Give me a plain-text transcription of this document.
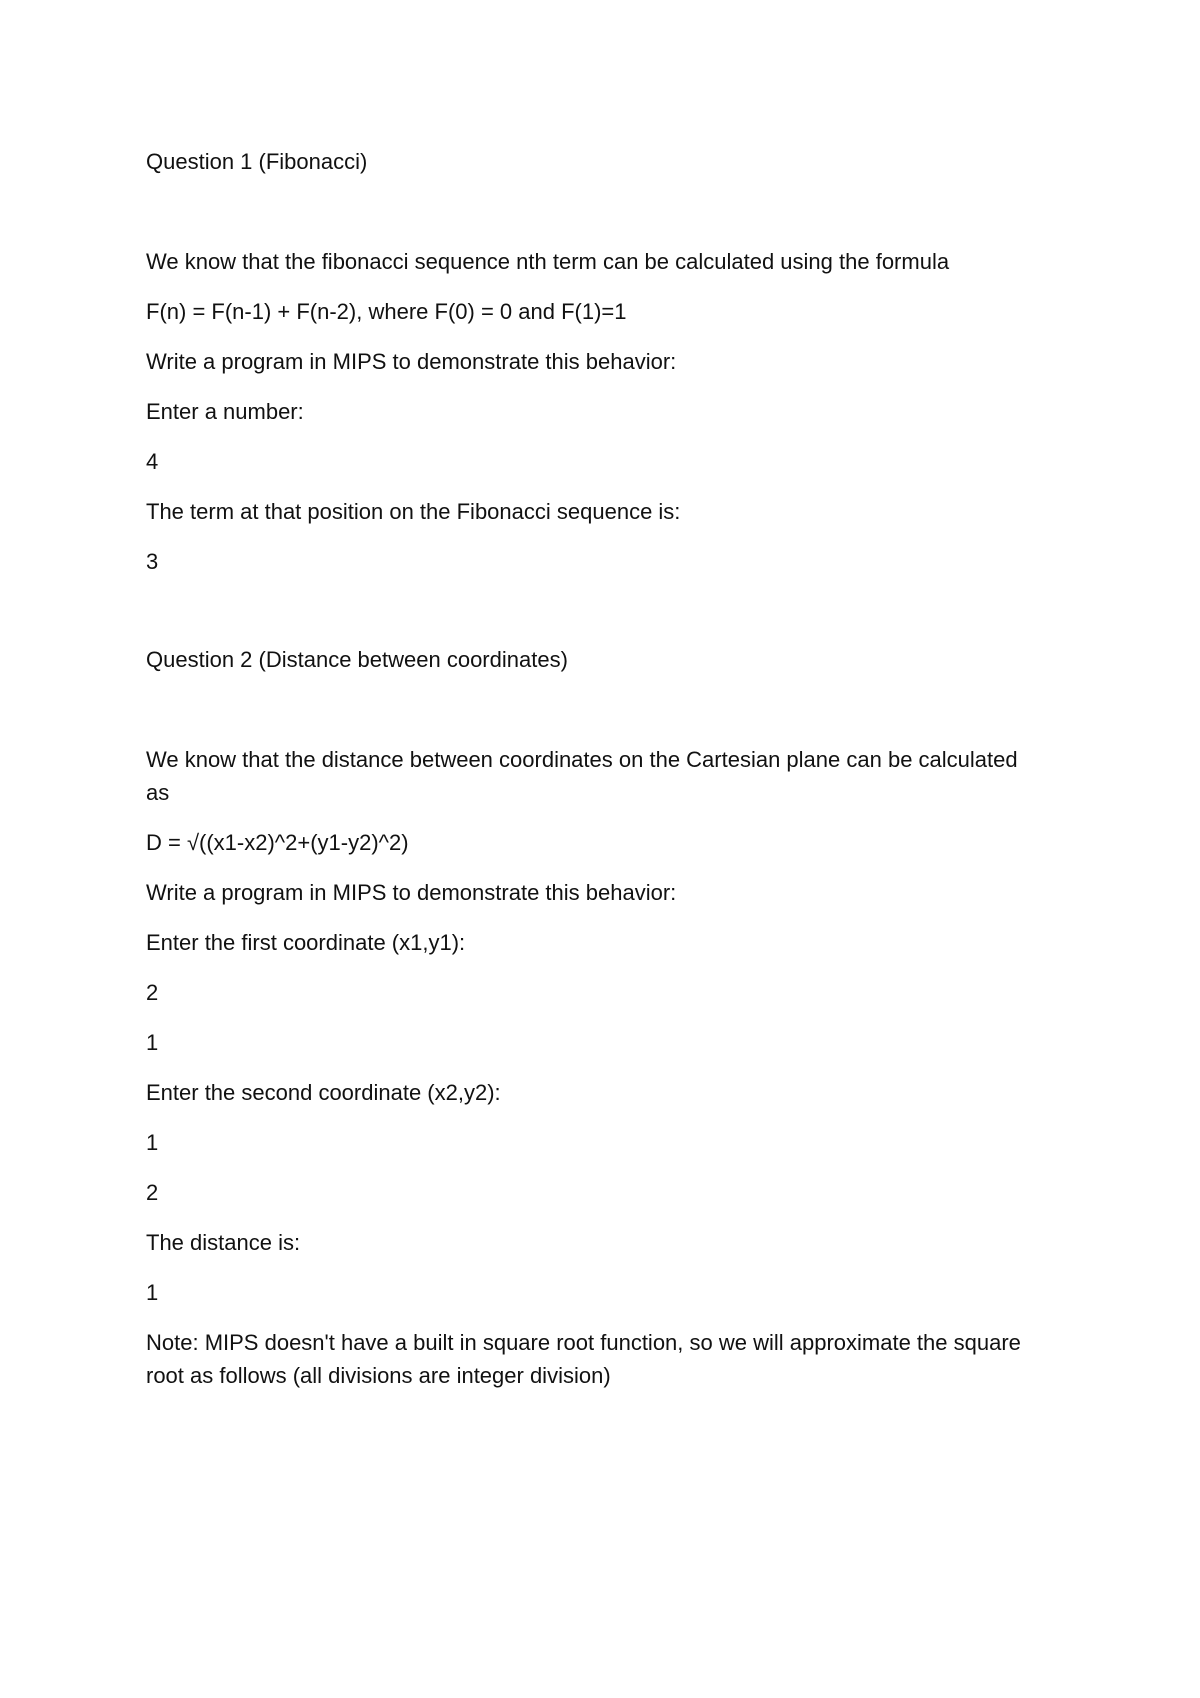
Question 1 (Fibonacci)

We know that the fibonacci sequence nth term can be calculated using the formula

F(n) = F(n-1) + F(n-2), where F(0) = 0 and F(1)=1

Write a program in MIPS to demonstrate this behavior:

Enter a number:

4

The term at that position on the Fibonacci sequence is:

3

Question 2 (Distance between coordinates)

We know that the distance between coordinates on the Cartesian plane can be calculated as

D = √((x1-x2)^2+(y1-y2)^2)

Write a program in MIPS to demonstrate this behavior:

Enter the first coordinate (x1,y1):

2

1

Enter the second coordinate (x2,y2):

1

2

The distance is:

1

Note: MIPS doesn't have a built in square root function, so we will approximate the square root as follows (all divisions are integer division)
